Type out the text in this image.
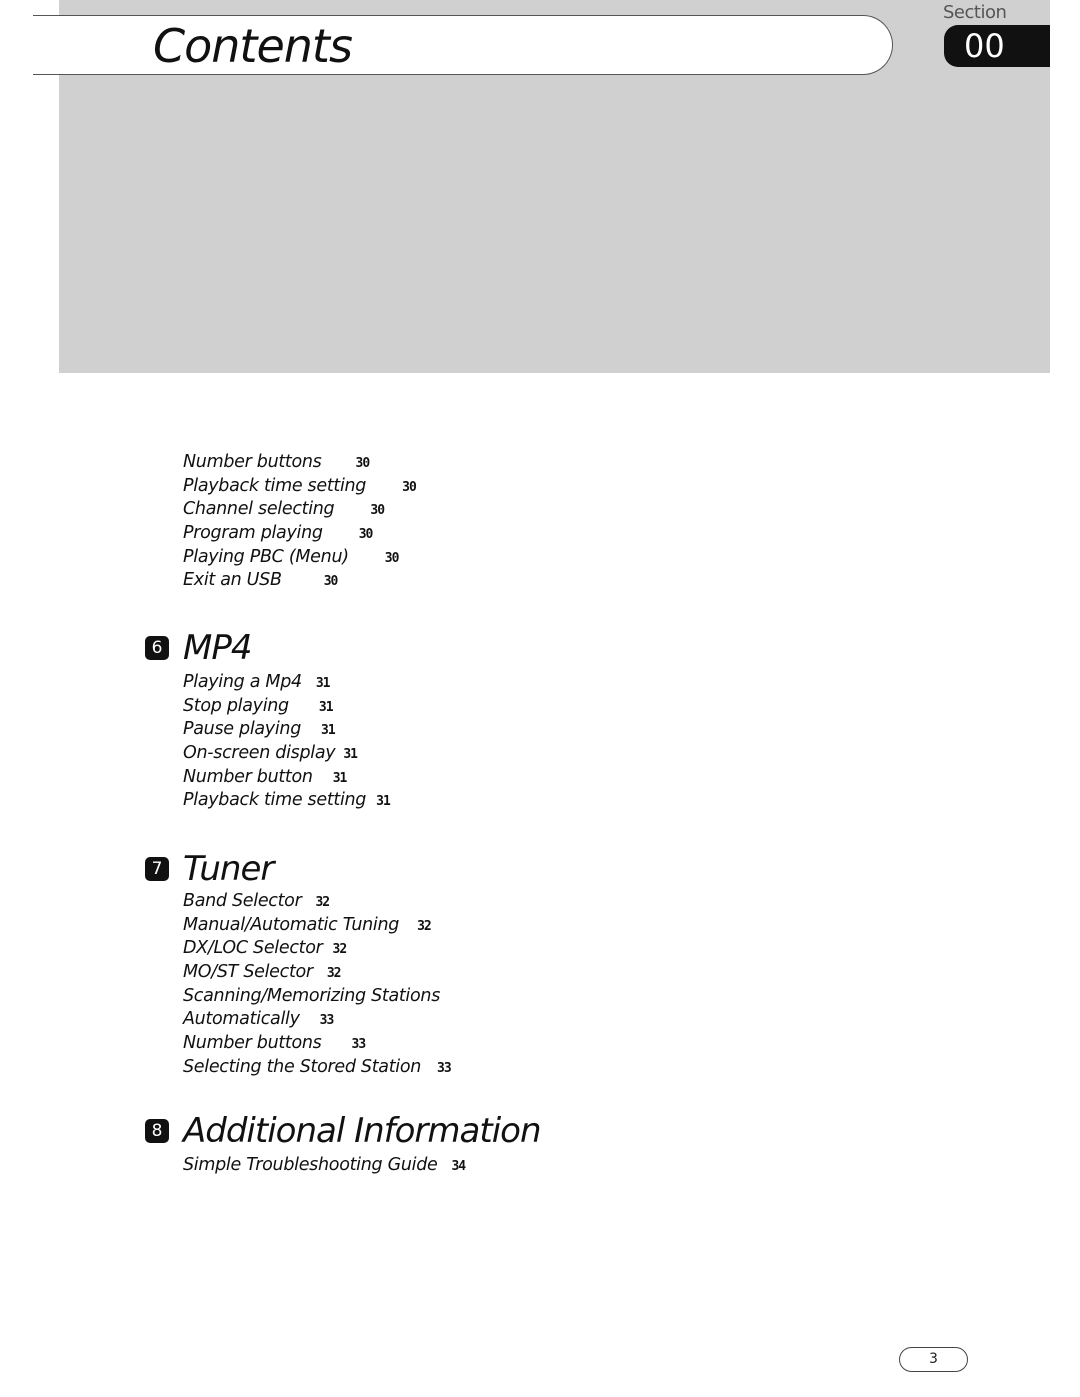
Contents
Section
00
Number buttons	30
Playback time setting	30
Channel selecting	30
Program playing	30
Playing PBC (Menu)	30
Exit an USB	30
6 MP4
Playing a Mp4 31
Stop playing 31
Pause playing 31
On-screen display 31
Number button 31
Playback time setting 31
7 Tuner
Band Selector 32
Manual/Automatic Tuning 32
DX/LOC Selector 32
MO/ST Selector 32
Scanning/Memorizing Stations
Automatically 33
Number buttons 33
Selecting the Stored Station 33
8 Additional Information
Simple Troubleshooting Guide 34
3
